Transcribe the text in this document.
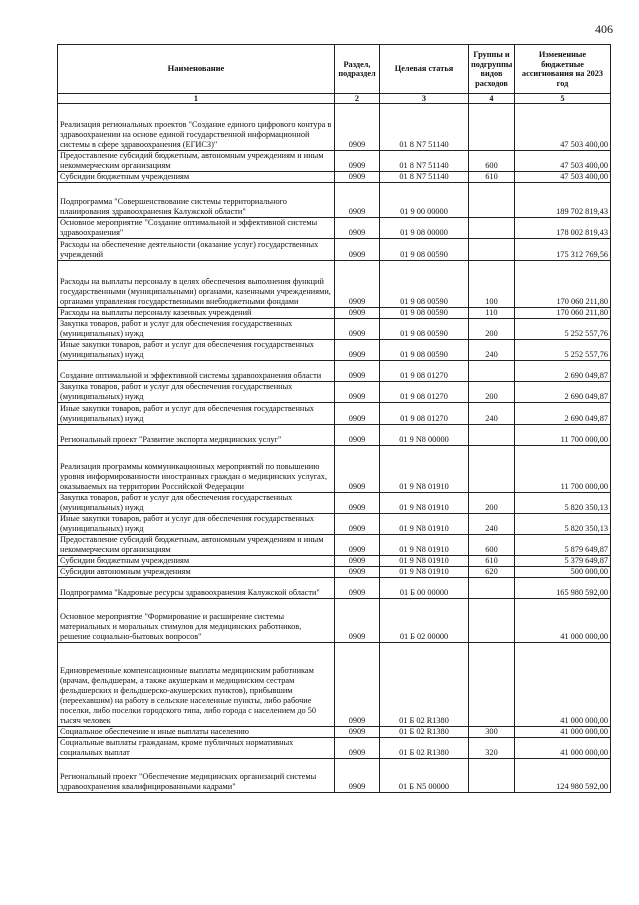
406
Наименование	Раздел, подраздел	Целевая статья	Группы и подгруппы видов расходов	Измененные бюджетные ассигнования на 2023 год
1	2	3	4	5
Реализация региональных проектов "Создание единого цифрового контура в здравоохранении на основе единой государственной информационной системы в сфере здравоохранения (ЕГИСЗ)"	0909	01 8 N7 51140		47 503 400,00
Предоставление субсидий бюджетным, автономным учреждениям и иным некоммерческим организациям	0909	01 8 N7 51140	600	47 503 400,00
Субсидии бюджетным учреждениям	0909	01 8 N7 51140	610	47 503 400,00
Подпрограмма "Совершенствование системы территориального планирования здравоохранения Калужской области"	0909	01 9 00 00000		189 702 819,43
Основное мероприятие "Создание оптимальной и эффективной системы здравоохранения"	0909	01 9 08 00000		178 002 819,43
Расходы на обеспечение деятельности (оказание услуг) государственных учреждений	0909	01 9 08 00590		175 312 769,56
Расходы на выплаты персоналу в целях обеспечения выполнения функций государственными (муниципальными) органами, казенными учреждениями, органами управления государственными внебюджетными фондами	0909	01 9 08 00590	100	170 060 211,80
Расходы на выплаты персоналу казенных учреждений	0909	01 9 08 00590	110	170 060 211,80
Закупка товаров, работ и услуг для обеспечения государственных (муниципальных) нужд	0909	01 9 08 00590	200	5 252 557,76
Иные закупки товаров, работ и услуг для обеспечения государственных (муниципальных) нужд	0909	01 9 08 00590	240	5 252 557,76
Создание оптимальной и эффективной системы здравоохранения области	0909	01 9 08 01270		2 690 049,87
Закупка товаров, работ и услуг для обеспечения государственных (муниципальных) нужд	0909	01 9 08 01270	200	2 690 049,87
Иные закупки товаров, работ и услуг для обеспечения государственных (муниципальных) нужд	0909	01 9 08 01270	240	2 690 049,87
Региональный проект "Развитие экспорта медицинских услуг"	0909	01 9 N8 00000		11 700 000,00
Реализация программы коммуникационных мероприятий по повышению уровня информированности иностранных граждан о медицинских услугах, оказываемых на территории Российской Федерации	0909	01 9 N8 01910		11 700 000,00
Закупка товаров, работ и услуг для обеспечения государственных (муниципальных) нужд	0909	01 9 N8 01910	200	5 820 350,13
Иные закупки товаров, работ и услуг для обеспечения государственных (муниципальных) нужд	0909	01 9 N8 01910	240	5 820 350,13
Предоставление субсидий бюджетным, автономным учреждениям и иным некоммерческим организациям	0909	01 9 N8 01910	600	5 879 649,87
Субсидии бюджетным учреждениям	0909	01 9 N8 01910	610	5 379 649,87
Субсидии автономным учреждениям	0909	01 9 N8 01910	620	500 000,00
Подпрограмма "Кадровые ресурсы здравоохранения Калужской области"	0909	01 Б 00 00000		165 980 592,00
Основное мероприятие "Формирование и расширение системы материальных и моральных стимулов для медицинских работников, решение социально-бытовых вопросов"	0909	01 Б 02 00000		41 000 000,00
Единовременные компенсационные выплаты медицинским работникам (врачам, фельдшерам, а также акушеркам и медицинским сестрам фельдшерских и фельдшерско-акушерских пунктов), прибывшим (переехавшим) на работу в сельские населенные пункты, либо рабочие поселки, либо поселки городского типа, либо города с населением до 50 тысяч человек	0909	01 Б 02 R1380		41 000 000,00
Социальное обеспечение и иные выплаты населению	0909	01 Б 02 R1380	300	41 000 000,00
Социальные выплаты гражданам, кроме публичных нормативных социальных выплат	0909	01 Б 02 R1380	320	41 000 000,00
Региональный проект "Обеспечение медицинских организаций системы здравоохранения квалифицированными кадрами"	0909	01 Б N5 00000		124 980 592,00
